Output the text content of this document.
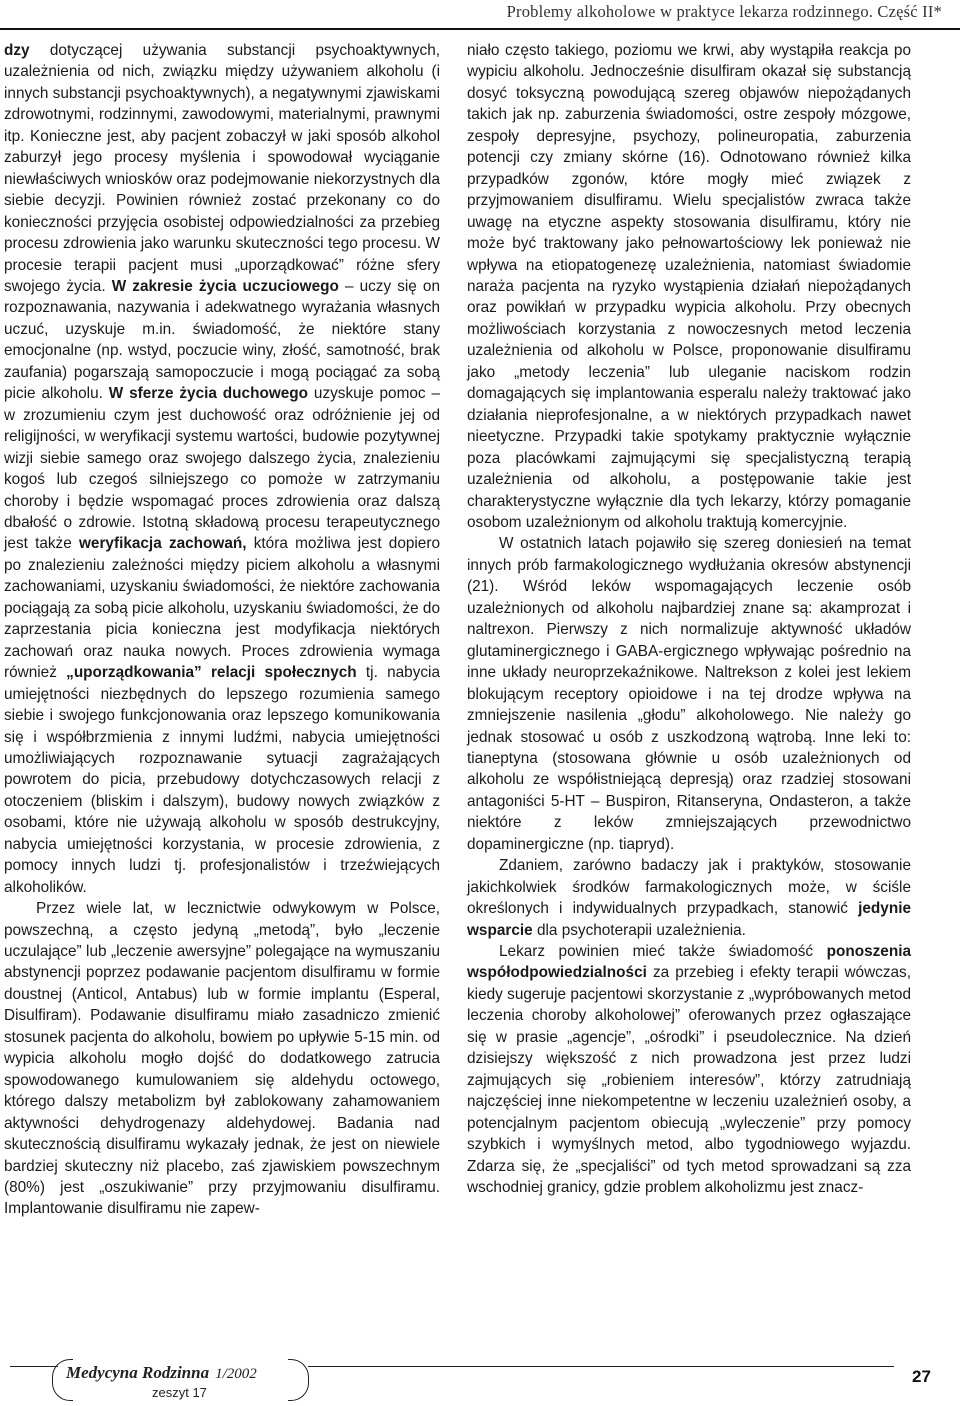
Problemy alkoholowe w praktyce lekarza rodzinnego. Część II*

dzy dotyczącej używania substancji psychoaktywnych, uzależnienia od nich, związku między używaniem alkoholu (i innych substancji psychoaktywnych), a negatywnymi zjawiskami zdrowotnymi, rodzinnymi, zawodowymi, materialnymi, prawnymi itp. Konieczne jest, aby pacjent zobaczył w jaki sposób alkohol zaburzył jego procesy myślenia i spowodował wyciąganie niewłaściwych wniosków oraz podejmowanie niekorzystnych dla siebie decyzji. Powinien również zostać przekonany co do konieczności przyjęcia osobistej odpowiedzialności za przebieg procesu zdrowienia jako warunku skuteczności tego procesu. W procesie terapii pacjent musi „uporządkować” różne sfery swojego życia. W zakresie życia uczuciowego – uczy się on rozpoznawania, nazywania i adekwatnego wyrażania własnych uczuć, uzyskuje m.in. świadomość, że niektóre stany emocjonalne (np. wstyd, poczucie winy, złość, samotność, brak zaufania) pogarszają samopoczucie i mogą pociągać za sobą picie alkoholu. W sferze życia duchowego uzyskuje pomoc – w zrozumieniu czym jest duchowość oraz odróżnienie jej od religijności, w weryfikacji systemu wartości, budowie pozytywnej wizji siebie samego oraz swojego dalszego życia, znalezieniu kogoś lub czegoś silniejszego co pomoże w zatrzymaniu choroby i będzie wspomagać proces zdrowienia oraz dalszą dbałość o zdrowie. Istotną składową procesu terapeutycznego jest także weryfikacja zachowań, która możliwa jest dopiero po znalezieniu zależności między piciem alkoholu a własnymi zachowaniami, uzyskaniu świadomości, że niektóre zachowania pociągają za sobą picie alkoholu, uzyskaniu świadomości, że do zaprzestania picia konieczna jest modyfikacja niektórych zachowań oraz nauka nowych. Proces zdrowienia wymaga również „uporządkowania” relacji społecznych tj. nabycia umiejętności niezbędnych do lepszego rozumienia samego siebie i swojego funkcjonowania oraz lepszego komunikowania się i współbrzmienia z innymi ludźmi, nabycia umiejętności umożliwiających rozpoznawanie sytuacji zagrażających powrotem do picia, przebudowy dotychczasowych relacji z otoczeniem (bliskim i dalszym), budowy nowych związków z osobami, które nie używają alkoholu w sposób destrukcyjny, nabycia umiejętności korzystania, w procesie zdrowienia, z pomocy innych ludzi tj. profesjonalistów i trzeźwiejących alkoholików.

Przez wiele lat, w lecznictwie odwykowym w Polsce, powszechną, a często jedyną „metodą”, było „leczenie uczulające” lub „leczenie awersyjne” polegające na wymuszaniu abstynencji poprzez podawanie pacjentom disulfiramu w formie doustnej (Anticol, Antabus) lub w formie implantu (Esperal, Disulfiram). Podawanie disulfiramu miało zasadniczo zmienić stosunek pacjenta do alkoholu, bowiem po upływie 5-15 min. od wypicia alkoholu mogło dojść do dodatkowego zatrucia spowodowanego kumulowaniem się aldehydu octowego, którego dalszy metabolizm był zablokowany zahamowaniem aktywności dehydrogenazy aldehydowej. Badania nad skutecznością disulfiramu wykazały jednak, że jest on niewiele bardziej skuteczny niż placebo, zaś zjawiskiem powszechnym (80%) jest „oszukiwanie” przy przyjmowaniu disulfiramu. Implantowanie disulfiramu nie zapew-

niało często takiego, poziomu we krwi, aby wystąpiła reakcja po wypiciu alkoholu. Jednocześnie disulfiram okazał się substancją dosyć toksyczną powodującą szereg objawów niepożądanych takich jak np. zaburzenia świadomości, ostre zespoły mózgowe, zespoły depresyjne, psychozy, polineuropatia, zaburzenia potencji czy zmiany skórne (16). Odnotowano również kilka przypadków zgonów, które mogły mieć związek z przyjmowaniem disulfiramu. Wielu specjalistów zwraca także uwagę na etyczne aspekty stosowania disulfiramu, który nie może być traktowany jako pełnowartościowy lek ponieważ nie wpływa na etiopatogenezę uzależnienia, natomiast świadomie naraża pacjenta na ryzyko wystąpienia działań niepożądanych oraz powikłań w przypadku wypicia alkoholu. Przy obecnych możliwościach korzystania z nowoczesnych metod leczenia uzależnienia od alkoholu w Polsce, proponowanie disulfiramu jako „metody leczenia” lub uleganie naciskom rodzin domagających się implantowania esperalu należy traktować jako działania nieprofesjonalne, a w niektórych przypadkach nawet nieetyczne. Przypadki takie spotykamy praktycznie wyłącznie poza placówkami zajmującymi się specjalistyczną terapią uzależnienia od alkoholu, a postępowanie takie jest charakterystyczne wyłącznie dla tych lekarzy, którzy pomaganie osobom uzależnionym od alkoholu traktują komercyjnie.

W ostatnich latach pojawiło się szereg doniesień na temat innych prób farmakologicznego wydłużania okresów abstynencji (21). Wśród leków wspomagających leczenie osób uzależnionych od alkoholu najbardziej znane są: akamprozat i naltrexon. Pierwszy z nich normalizuje aktywność układów glutaminergicznego i GABA-ergicznego wpływając pośrednio na inne układy neuroprzekaźnikowe. Naltrekson z kolei jest lekiem blokującym receptory opioidowe i na tej drodze wpływa na zmniejszenie nasilenia „głodu” alkoholowego. Nie należy go jednak stosować u osób z uszkodzoną wątrobą. Inne leki to: tianeptyna (stosowana głównie u osób uzależnionych od alkoholu ze współistniejącą depresją) oraz rzadziej stosowani antagoniści 5-HT – Buspiron, Ritanseryna, Ondasteron, a także niektóre z leków zmniejszających przewodnictwo dopaminergiczne (np. tiapryd).

Zdaniem, zarówno badaczy jak i praktyków, stosowanie jakichkolwiek środków farmakologicznych może, w ściśle określonych i indywidualnych przypadkach, stanowić jedynie wsparcie dla psychoterapii uzależnienia.

Lekarz powinien mieć także świadomość ponoszenia współodpowiedzialności za przebieg i efekty terapii wówczas, kiedy sugeruje pacjentowi skorzystanie z „wypróbowanych metod leczenia choroby alkoholowej” oferowanych przez ogłaszające się w prasie „agencje”, „ośrodki” i pseudolecznice. Na dzień dzisiejszy większość z nich prowadzona jest przez ludzi zajmujących się „robieniem interesów”, którzy zatrudniają najczęściej inne niekompetentne w leczeniu uzależnień osoby, a potencjalnym pacjentom obiecują „wyleczenie” przy pomocy szybkich i wymyślnych metod, albo tygodniowego wyjazdu. Zdarza się, że „specjaliści” od tych metod sprowadzani są zza wschodniej granicy, gdzie problem alkoholizmu jest znacz-

Medycyna Rodzinna 1/2002
zeszyt 17
27
